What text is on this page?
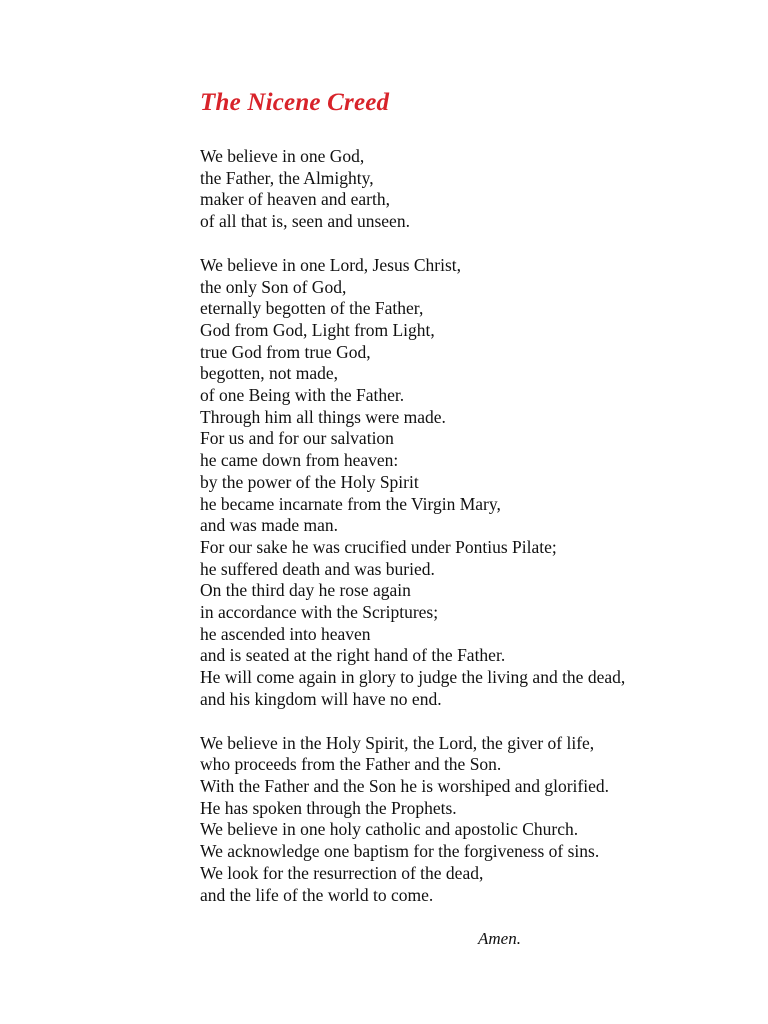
The Nicene Creed
We believe in one God,
the Father, the Almighty,
maker of heaven and earth,
of all that is, seen and unseen.
We believe in one Lord, Jesus Christ,
the only Son of God,
eternally begotten of the Father,
God from God, Light from Light,
true God from true God,
begotten, not made,
of one Being with the Father.
Through him all things were made.
For us and for our salvation
he came down from heaven:
by the power of the Holy Spirit
he became incarnate from the Virgin Mary,
and was made man.
For our sake he was crucified under Pontius Pilate;
he suffered death and was buried.
On the third day he rose again
in accordance with the Scriptures;
he ascended into heaven
and is seated at the right hand of the Father.
He will come again in glory to judge the living and the dead,
and his kingdom will have no end.
We believe in the Holy Spirit, the Lord, the giver of life,
who proceeds from the Father and the Son.
With the Father and the Son he is worshiped and glorified.
He has spoken through the Prophets.
We believe in one holy catholic and apostolic Church.
We acknowledge one baptism for the forgiveness of sins.
We look for the resurrection of the dead,
and the life of the world to come.
Amen.
